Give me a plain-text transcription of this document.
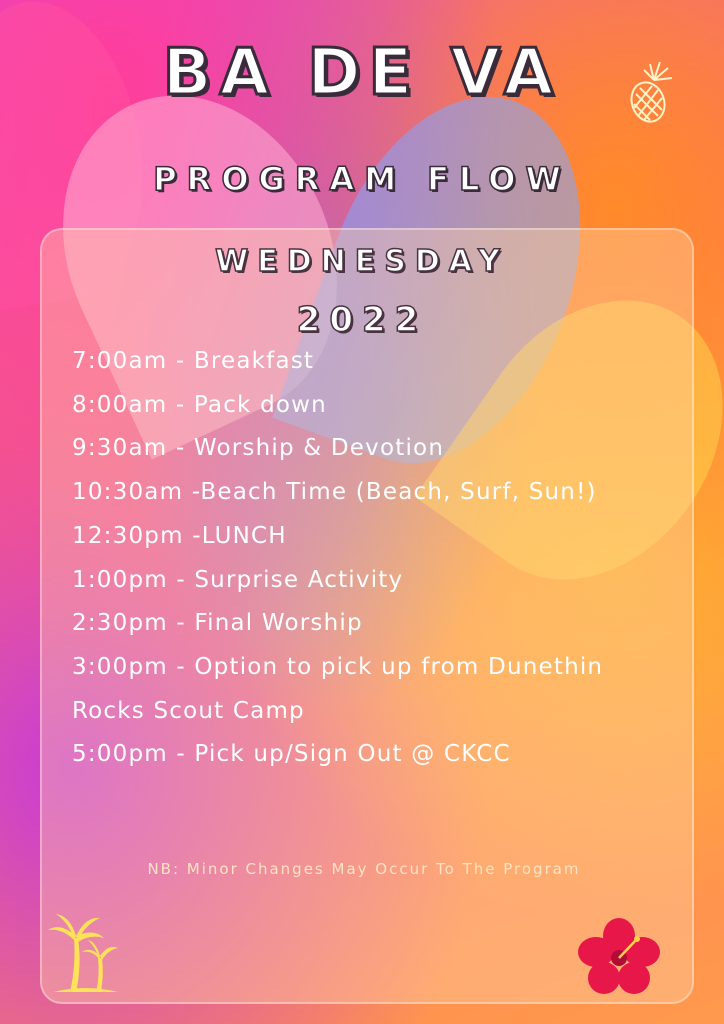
BA DE VA
PROGRAM FLOW
WEDNESDAY
2022
7:00am - Breakfast
8:00am - Pack down
9:30am - Worship & Devotion
10:30am -Beach Time (Beach, Surf, Sun!)
12:30pm -LUNCH
1:00pm - Surprise Activity
2:30pm - Final Worship
3:00pm - Option to pick up from Dunethin
Rocks Scout Camp
5:00pm - Pick up/Sign Out @ CKCC
NB: Minor Changes May Occur To The Program
